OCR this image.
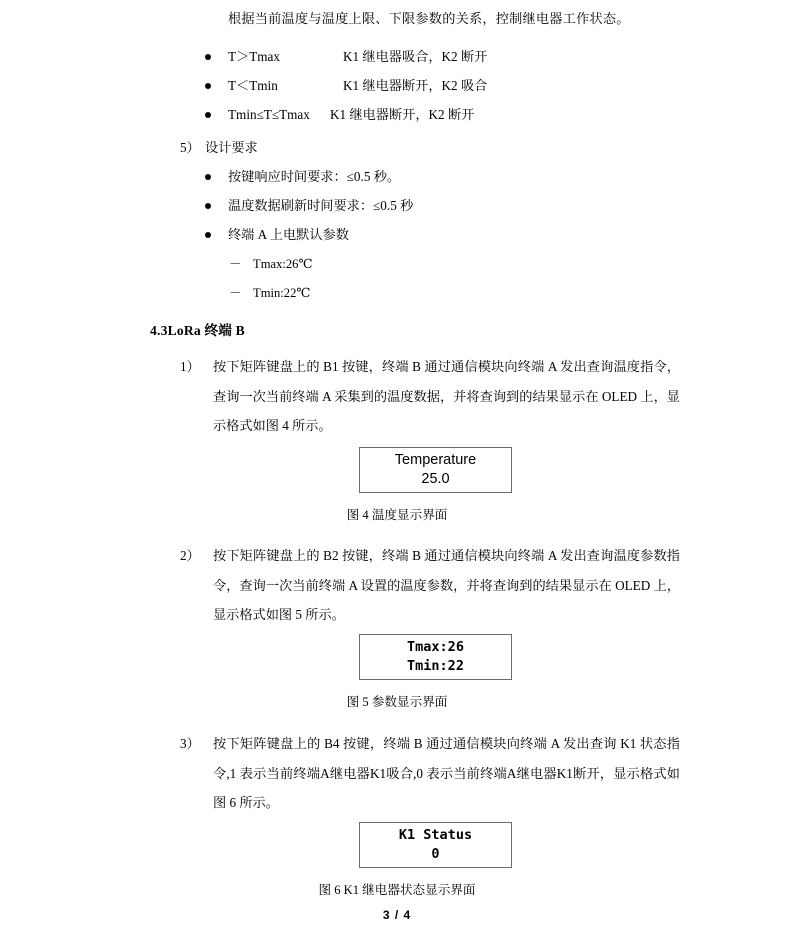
根据当前温度与温度上限、下限参数的关系，控制继电器工作状态。
T＞Tmax	K1 继电器吸合，K2 断开
T＜Tmin	K1 继电器断开，K2 吸合
Tmin≤T≤Tmax K1 继电器断开，K2 断开
5） 设计要求
按键响应时间要求：≤0.5 秒。
温度数据刷新时间要求：≤0.5 秒
终端 A 上电默认参数
－ Tmax:26℃
－ Tmin:22℃
4.3LoRa 终端 B
1） 按下矩阵键盘上的 B1 按键，终端 B 通过通信模块向终端 A 发出查询温度指令，查询一次当前终端 A 采集到的温度数据，并将查询到的结果显示在 OLED 上，显示格式如图 4 所示。
Temperature
25.0
图 4 温度显示界面
2） 按下矩阵键盘上的 B2 按键，终端 B 通过通信模块向终端 A 发出查询温度参数指令，查询一次当前终端 A 设置的温度参数，并将查询到的结果显示在 OLED 上，显示格式如图 5 所示。
Tmax:26
Tmin:22
图 5 参数显示界面
3） 按下矩阵键盘上的 B4 按键，终端 B 通过通信模块向终端 A 发出查询 K1 状态指令,1 表示当前终端A继电器K1吸合,0 表示当前终端A继电器K1断开，显示格式如图 6 所示。
K1 Status
0
图 6 K1 继电器状态显示界面
3 / 4
